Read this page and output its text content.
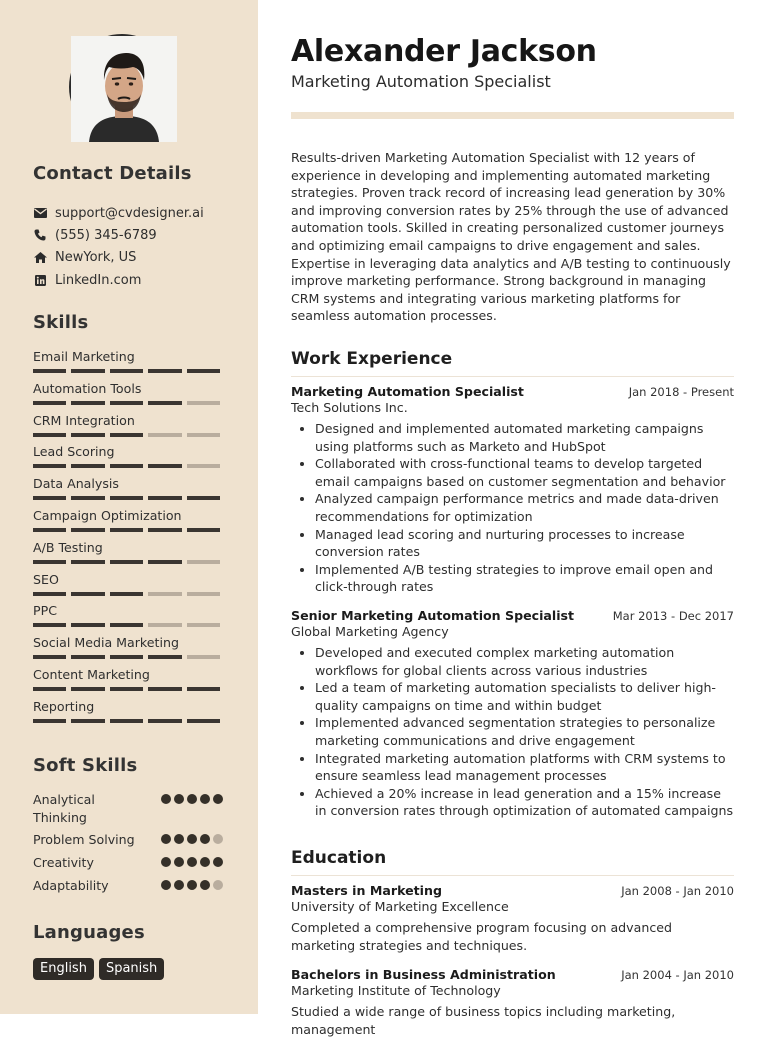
Contact Details
support@cvdesigner.ai
(555) 345-6789
NewYork, US
LinkedIn.com
Skills
Email Marketing
Automation Tools
CRM Integration
Lead Scoring
Data Analysis
Campaign Optimization
A/B Testing
SEO
PPC
Social Media Marketing
Content Marketing
Reporting
Soft Skills
Analytical Thinking
Problem Solving
Creativity
Adaptability
Languages
English	Spanish
Alexander Jackson
Marketing Automation Specialist
Results-driven Marketing Automation Specialist with 12 years of experience in developing and implementing automated marketing strategies. Proven track record of increasing lead generation by 30% and improving conversion rates by 25% through the use of advanced automation tools. Skilled in creating personalized customer journeys and optimizing email campaigns to drive engagement and sales. Expertise in leveraging data analytics and A/B testing to continuously improve marketing performance. Strong background in managing CRM systems and integrating various marketing platforms for seamless automation processes.
Work Experience
Marketing Automation Specialist	Jan 2018 - Present
Tech Solutions Inc.
• Designed and implemented automated marketing campaigns using platforms such as Marketo and HubSpot
• Collaborated with cross-functional teams to develop targeted email campaigns based on customer segmentation and behavior
• Analyzed campaign performance metrics and made data-driven recommendations for optimization
• Managed lead scoring and nurturing processes to increase conversion rates
• Implemented A/B testing strategies to improve email open and click-through rates
Senior Marketing Automation Specialist	Mar 2013 - Dec 2017
Global Marketing Agency
• Developed and executed complex marketing automation workflows for global clients across various industries
• Led a team of marketing automation specialists to deliver high-quality campaigns on time and within budget
• Implemented advanced segmentation strategies to personalize marketing communications and drive engagement
• Integrated marketing automation platforms with CRM systems to ensure seamless lead management processes
• Achieved a 20% increase in lead generation and a 15% increase in conversion rates through optimization of automated campaigns
Education
Masters in Marketing	Jan 2008 - Jan 2010
University of Marketing Excellence
Completed a comprehensive program focusing on advanced marketing strategies and techniques.
Bachelors in Business Administration	Jan 2004 - Jan 2010
Marketing Institute of Technology
Studied a wide range of business topics including marketing, management
